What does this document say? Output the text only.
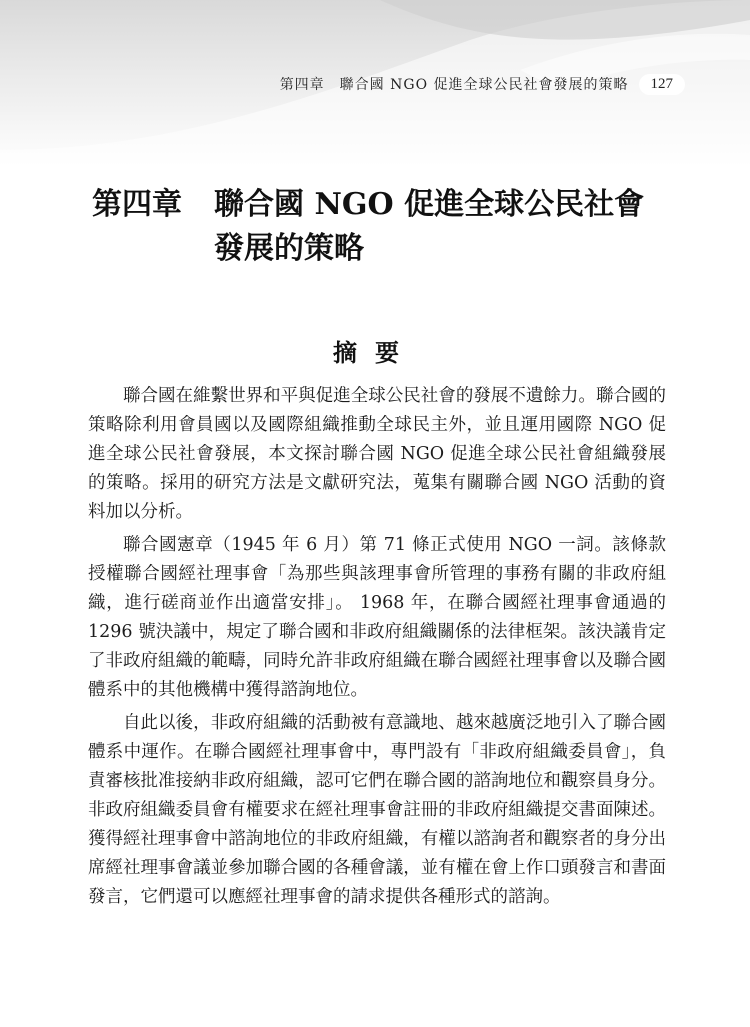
第四章　聯合國 NGO 促進全球公民社會發展的策略	127
第四章	聯合國 NGO 促進全球公民社會
發展的策略
摘要

聯合國在維繫世界和平與促進全球公民社會的發展不遺餘力。聯合國的策略除利用會員國以及國際組織推動全球民主外，並且運用國際 NGO 促進全球公民社會發展，本文探討聯合國 NGO 促進全球公民社會組織發展的策略。採用的研究方法是文獻研究法，蒐集有關聯合國 NGO 活動的資料加以分析。

聯合國憲章（1945 年 6 月）第 71 條正式使用 NGO 一詞。該條款授權聯合國經社理事會「為那些與該理事會所管理的事務有關的非政府組織，進行磋商並作出適當安排」。 1968 年，在聯合國經社理事會通過的 1296 號決議中，規定了聯合國和非政府組織關係的法律框架。該決議肯定了非政府組織的範疇，同時允許非政府組織在聯合國經社理事會以及聯合國體系中的其他機構中獲得諮詢地位。

自此以後，非政府組織的活動被有意識地、越來越廣泛地引入了聯合國體系中運作。在聯合國經社理事會中，專門設有「非政府組織委員會」，負責審核批准接納非政府組織，認可它們在聯合國的諮詢地位和觀察員身分。非政府組織委員會有權要求在經社理事會註冊的非政府組織提交書面陳述。獲得經社理事會中諮詢地位的非政府組織，有權以諮詢者和觀察者的身分出席經社理事會議並參加聯合國的各種會議，並有權在會上作口頭發言和書面發言，它們還可以應經社理事會的請求提供各種形式的諮詢。
